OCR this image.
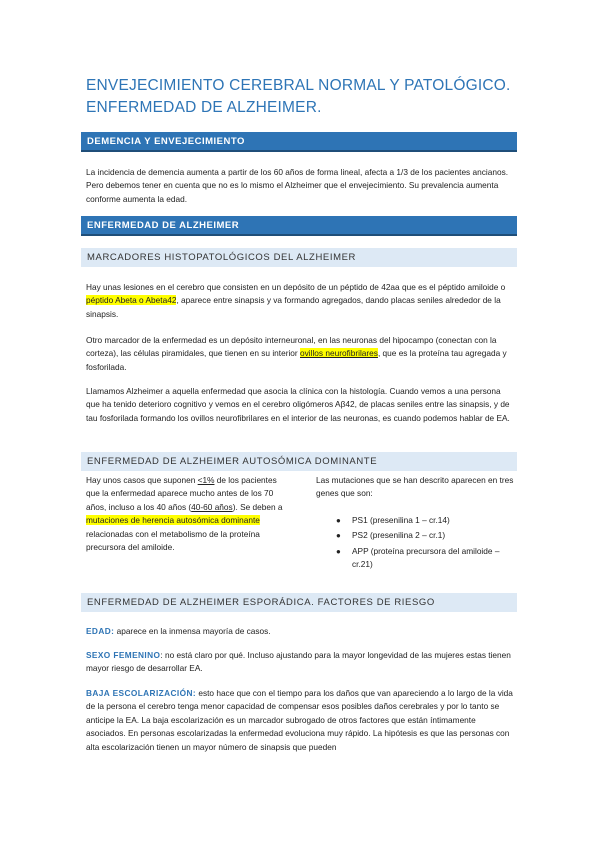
ENVEJECIMIENTO CEREBRAL NORMAL Y PATOLÓGICO.
ENFERMEDAD DE ALZHEIMER.
DEMENCIA Y ENVEJECIMIENTO
La incidencia de demencia aumenta a partir de los 60 años de forma lineal, afecta a 1/3 de los pacientes ancianos. Pero debemos tener en cuenta que no es lo mismo el Alzheimer que el envejecimiento. Su prevalencia aumenta conforme aumenta la edad.
ENFERMEDAD DE ALZHEIMER
MARCADORES HISTOPATOLÓGICOS DEL ALZHEIMER
Hay unas lesiones en el cerebro que consisten en un depósito de un péptido de 42aa que es el péptido amiloide o péptido Abeta o Abeta42, aparece entre sinapsis y va formando agregados, dando placas seniles alrededor de la sinapsis.
Otro marcador de la enfermedad es un depósito interneuronal, en las neuronas del hipocampo (conectan con la corteza), las células piramidales, que tienen en su interior ovillos neurofibrilares, que es la proteína tau agregada y fosforilada.
Llamamos Alzheimer a aquella enfermedad que asocia la clínica con la histología. Cuando vemos a una persona que ha tenido deterioro cognitivo y vemos en el cerebro oligómeros Aβ42, de placas seniles entre las sinapsis, y de tau fosforilada formando los ovillos neurofibrilares en el interior de las neuronas, es cuando podemos hablar de EA.
ENFERMEDAD DE ALZHEIMER AUTOSÓMICA DOMINANTE
Hay unos casos que suponen <1% de los pacientes que la enfermedad aparece mucho antes de los 70 años, incluso a los 40 años (40-60 años). Se deben a mutaciones de herencia autosómica dominante relacionadas con el metabolismo de la proteína precursora del amiloide.
Las mutaciones que se han descrito aparecen en tres genes que son:
● PS1 (presenilina 1 – cr.14)
● PS2 (presenilina 2 – cr.1)
● APP (proteína precursora del amiloide – cr.21)
ENFERMEDAD DE ALZHEIMER ESPORÁDICA. FACTORES DE RIESGO
EDAD: aparece en la inmensa mayoría de casos.
SEXO FEMENINO: no está claro por qué. Incluso ajustando para la mayor longevidad de las mujeres estas tienen mayor riesgo de desarrollar EA.
BAJA ESCOLARIZACIÓN: esto hace que con el tiempo para los daños que van apareciendo a lo largo de la vida de la persona el cerebro tenga menor capacidad de compensar esos posibles daños cerebrales y por lo tanto se anticipe la EA. La baja escolarización es un marcador subrogado de otros factores que están íntimamente asociados. En personas escolarizadas la enfermedad evoluciona muy rápido. La hipótesis es que las personas con alta escolarización tienen un mayor número de sinapsis que pueden
